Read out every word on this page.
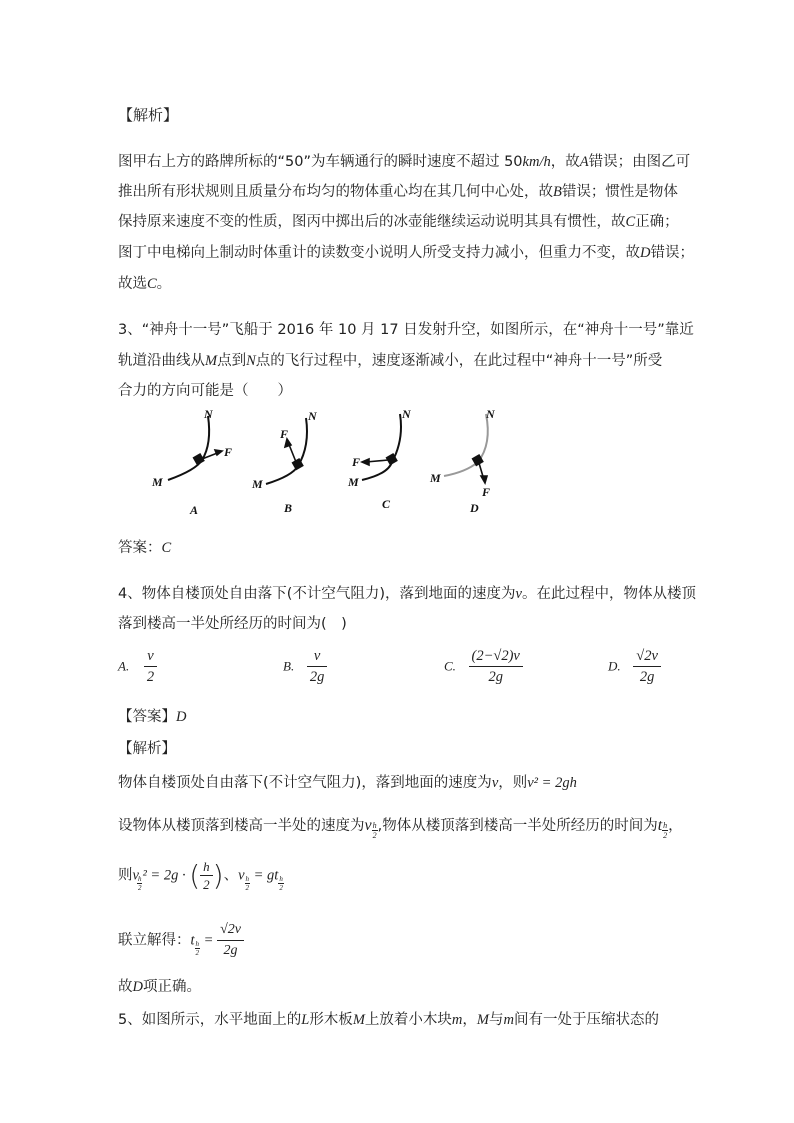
【解析】
图甲右上方的路牌所标的“50”为车辆通行的瞬时速度不超过 50km/h，故A错误；由图乙可
推出所有形状规则且质量分布均匀的物体重心均在其几何中心处，故B错误；惯性是物体
保持原来速度不变的性质，图丙中掷出后的冰壶能继续运动说明其具有惯性，故C正确；
图丁中电梯向上制动时体重计的读数变小说明人所受支持力减小，但重力不变，故D错误；
故选C。
3、“神舟十一号”飞船于 2016 年 10 月 17 日发射升空，如图所示，在“神舟十一号”靠近
轨道沿曲线从M点到N点的飞行过程中，速度逐渐减小，在此过程中“神舟十一号”所受
合力的方向可能是（　　）
N
F
M
A
N
F
M
B
N
F
M
C
N
F
M
D
答案：C
4、物体自楼顶处自由落下(不计空气阻力)，落到地面的速度为v。在此过程中，物体从楼顶
落到楼高一半处所经历的时间为(　)
A. $\frac{v}{2}$	B. $\frac{v}{2g}$	C. $\frac{(2-√2)v}{2g}$	D. $\frac{√2v}{2g}$
【答案】D
【解析】
物体自楼顶处自由落下(不计空气阻力)，落到地面的速度为v，则v² = 2gh
设物体从楼顶落到楼高一半处的速度为v $\frac{h}{2}$ ,物体从楼顶落到楼高一半处所经历的时间为t $\frac{h}{2}$ ，
则v
$\frac{h}{2} ^2 = 2g$ · ( $\frac{h}{2}$ )、v $\frac{h}{2}$ = gt $\frac{h}{2}$
联立解得：t $\frac{h}{2} = \frac{√2v}{2g}$
故D项正确。
5、如图所示，水平地面上的L形木板M上放着小木块m，M与m间有一处于压缩状态的
